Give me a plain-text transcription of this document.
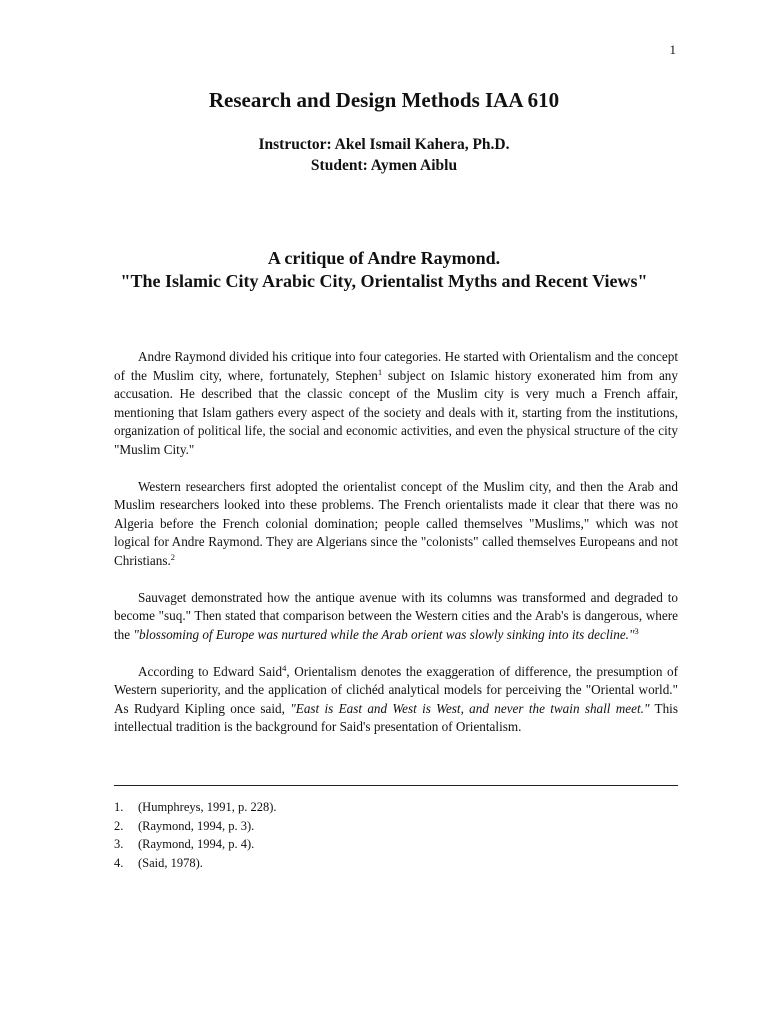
1
Research and Design Methods IAA 610
Instructor: Akel Ismail Kahera, Ph.D.
Student: Aymen Aiblu
A critique of Andre Raymond.
"The Islamic City Arabic City, Orientalist Myths and Recent Views"

Andre Raymond divided his critique into four categories. He started with Orientalism and the concept of the Muslim city, where, fortunately, Stephen$^1$ subject on Islamic history exonerated him from any accusation. He described that the classic concept of the Muslim city is very much a French affair, mentioning that Islam gathers every aspect of the society and deals with it, starting from the institutions, organization of political life, the social and economic activities, and even the physical structure of the city "Muslim City."

Western researchers first adopted the orientalist concept of the Muslim city, and then the Arab and Muslim researchers looked into these problems. The French orientalists made it clear that there was no Algeria before the French colonial domination; people called themselves "Muslims," which was not logical for Andre Raymond. They are Algerians since the "colonists" called themselves Europeans and not Christians.$^2$

Sauvaget demonstrated how the antique avenue with its columns was transformed and degraded to become "suq." Then stated that comparison between the Western cities and the Arab's is dangerous, where the "blossoming of Europe was nurtured while the Arab orient was slowly sinking into its decline."$^3$

According to Edward Said$^4$, Orientalism denotes the exaggeration of difference, the presumption of Western superiority, and the application of clichéd analytical models for perceiving the "Oriental world." As Rudyard Kipling once said, "East is East and West is West, and never the twain shall meet." This intellectual tradition is the background for Said's presentation of Orientalism.

1.	(Humphreys, 1991, p. 228).
2.	(Raymond, 1994, p. 3).
3.	(Raymond, 1994, p. 4).
4.	(Said, 1978).
